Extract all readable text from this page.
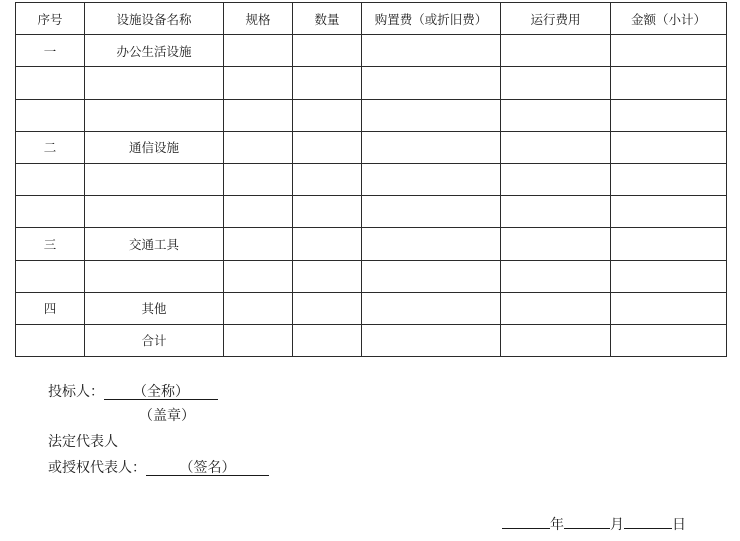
序号	设施设备名称	规格	数量	购置费（或折旧费）	运行费用	金额（小计）
一	办公生活设施					

二	通信设施					

三	交通工具					

四	其他					
	合计					
投标人： （全称）
（盖章）
法定代表人
或授权代表人： （签名）
年	月	日
